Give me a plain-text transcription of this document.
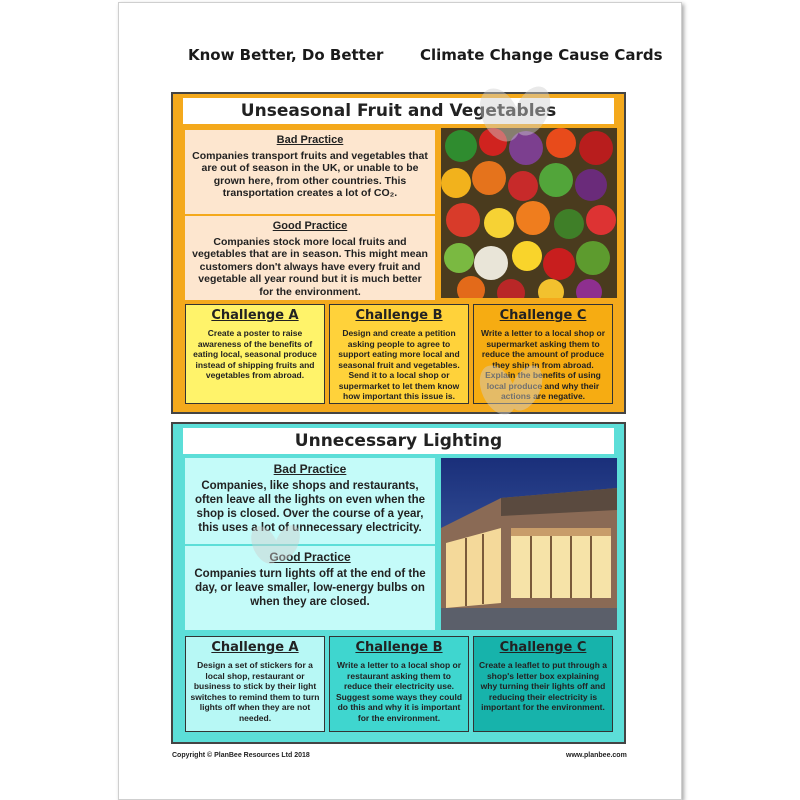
Know Better, Do Better Climate Change Cause Cards
Unseasonal Fruit and Vegetables
Bad Practice
Companies transport fruits and vegetables that are out of season in the UK, or unable to be grown here, from other countries. This transportation creates a lot of CO₂.
Good Practice
Companies stock more local fruits and vegetables that are in season. This might mean customers don't always have every fruit and vegetable all year round but it is much better for the environment.
Challenge A
Create a poster to raise awareness of the benefits of eating local, seasonal produce instead of shipping fruits and vegetables from abroad.
Challenge B
Design and create a petition asking people to agree to support eating more local and seasonal fruit and vegetables. Send it to a local shop or supermarket to let them know how important this issue is.
Challenge C
Write a letter to a local shop or supermarket asking them to reduce the amount of produce they ship in from abroad. Explain the benefits of using local produce and why their actions are negative.
Unnecessary Lighting
Bad Practice
Companies, like shops and restaurants, often leave all the lights on even when the shop is closed. Over the course of a year, this uses a lot of unnecessary electricity.
Good Practice
Companies turn lights off at the end of the day, or leave smaller, low-energy bulbs on when they are closed.
Challenge A
Design a set of stickers for a local shop, restaurant or business to stick by their light switches to remind them to turn lights off when they are not needed.
Challenge B
Write a letter to a local shop or restaurant asking them to reduce their electricity use. Suggest some ways they could do this and why it is important for the environment.
Challenge C
Create a leaflet to put through a shop's letter box explaining why turning their lights off and reducing their electricity is important for the environment.
Copyright © PlanBee Resources Ltd 2018	www.planbee.com
